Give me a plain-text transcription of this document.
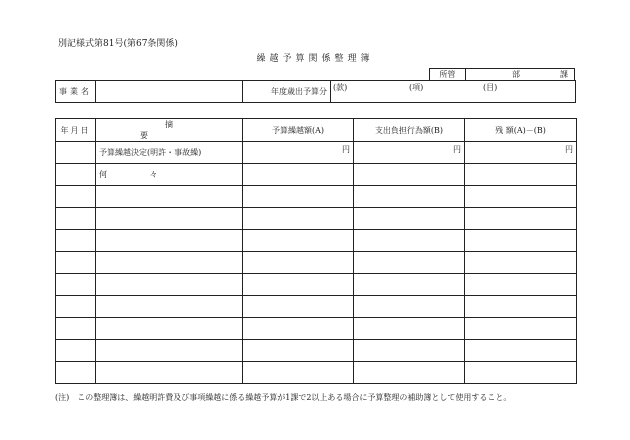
別記様式第81号(第67条関係)
繰越予算関係整理簿
所管	部	課
事業名		年度歳出予算分	(款)	(項)	(目)
年月日	摘要	予算繰越額(A)	支出負担行為額(B)	残 額(A)－(B)
	予算繰越決定(明許・事故繰)	円	円	円
	何 々			

(注)　この整理簿は、繰越明許費及び事項繰越に係る繰越予算が1課で2以上ある場合に予算整理の補助簿として使用すること。
